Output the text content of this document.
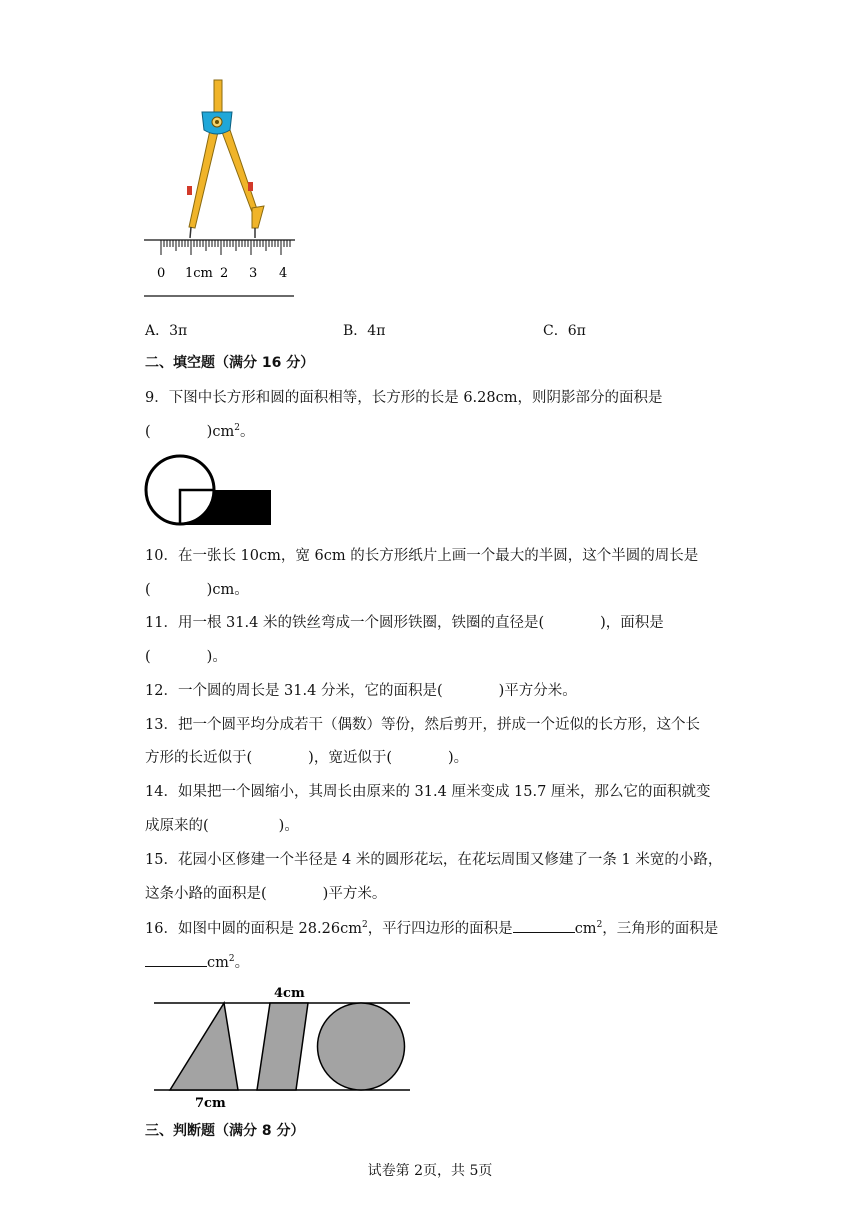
0 1cm 2 3 4
A．3π	B．4π	C．6π
二、填空题（满分 16 分）
9．下图中长方形和圆的面积相等，长方形的长是 6.28cm，则阴影部分的面积是
(	)$cm^2$。
10．在一张长 10cm，宽 6cm 的长方形纸片上画一个最大的半圆，这个半圆的周长是
(	)cm。
11．用一根 31.4 米的铁丝弯成一个圆形铁圈，铁圈的直径是(	)，面积是
(	)。
12．一个圆的周长是 31.4 分米，它的面积是(	)平方分米。
13．把一个圆平均分成若干（偶数）等份，然后剪开，拼成一个近似的长方形，这个长
方形的长近似于(	)，宽近似于(	)。
14．如果把一个圆缩小，其周长由原来的 31.4 厘米变成 15.7 厘米，那么它的面积就变
成原来的(	)。
15．花园小区修建一个半径是 4 米的圆形花坛，在花坛周围又修建了一条 1 米宽的小路，
这条小路的面积是(	)平方米。
16．如图中圆的面积是 $28.26cm^2$，平行四边形的面积是	$cm^2$，三角形的面积是
$cm^2$。
4cm
7cm
三、判断题（满分 8 分）
试卷第 2页，共 5页
